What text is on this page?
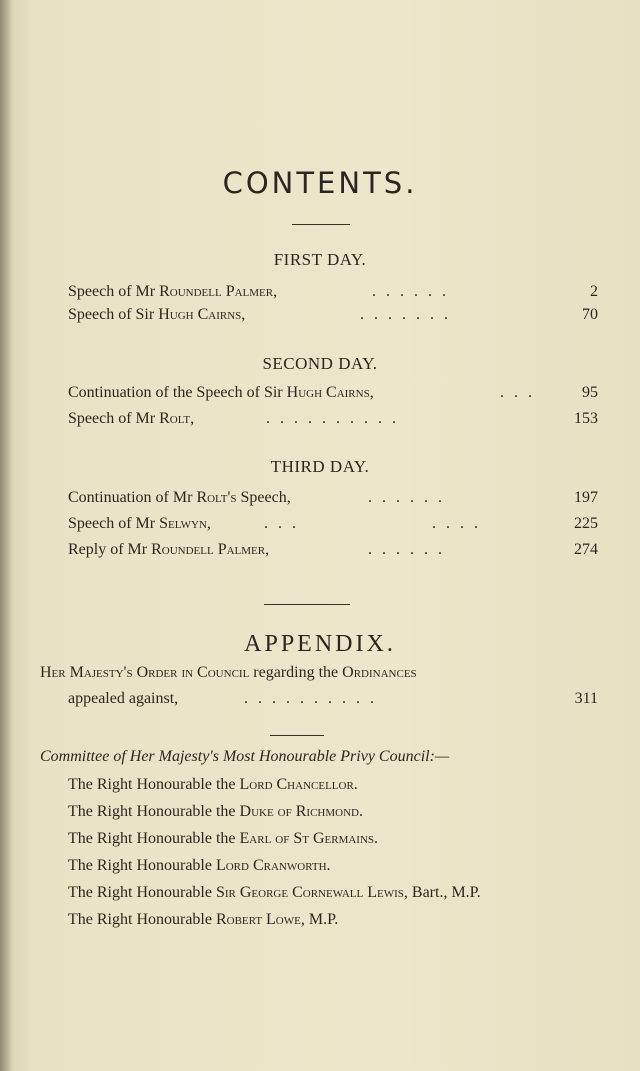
CONTENTS.
FIRST DAY.
Speech of Mr Roundell Palmer,	......	2
Speech of Sir Hugh Cairns,	.......	70
SECOND DAY.
Continuation of the Speech of Sir Hugh Cairns,	...	95
Speech of Mr Rolt,	..........	153
THIRD DAY.
Continuation of Mr Rolt's Speech,	......	197
Speech of Mr Selwyn,	...	....	225
Reply of Mr Roundell Palmer,	......	274
APPENDIX.
Her Majesty's Order in Council regarding the Ordinances
appealed against,	..........	311
Committee of Her Majesty's Most Honourable Privy Council:—
The Right Honourable the Lord Chancellor.
The Right Honourable the Duke of Richmond.
The Right Honourable the Earl of St Germains.
The Right Honourable Lord Cranworth.
The Right Honourable Sir George Cornewall Lewis, Bart., M.P.
The Right Honourable Robert Lowe, M.P.
